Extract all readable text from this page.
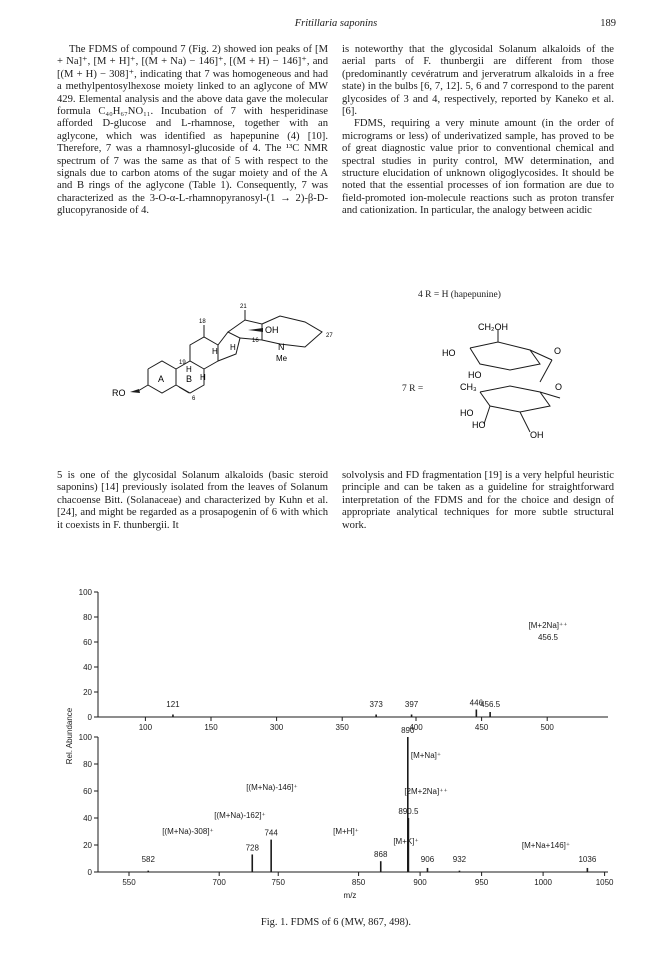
Fritillaria saponins	189

The FDMS of compound 7 (Fig. 2) showed ion peaks of [M + Na]⁺, [M + H]⁺, [(M + Na) − 146]⁺, [(M + H) − 146]⁺, and [(M + H) − 308]⁺, indicating that 7 was homogeneous and had a methylpentosylhexose moiety linked to an aglycone of MW 429. Elemental analysis and the above data gave the molecular formula C₄₀H₆₇NO₁₁. Incubation of 7 with hesperidinase afforded D-glucose and L-rhamnose, together with an aglycone, which was identified as hapepunine (4) [10]. Therefore, 7 was a rhamnosyl-glucoside of 4. The ¹³C NMR spectrum of 7 was the same as that of 5 with respect to the signals due to carbon atoms of the sugar moiety and of the A and B rings of the aglycone (Table 1). Consequently, 7 was characterized as the 3-O-α-L-rhamnopyranosyl-(1 → 2)-β-D-glucopyranoside of 4.

is noteworthy that the glycosidal Solanum alkaloids of the aerial parts of F. thunbergii are different from those (predominantly cevératrum and jerveratrum alkaloids in a free state) in the bulbs [6, 7, 12]. 5, 6 and 7 correspond to the parent glycosides of 3 and 4, respectively, reported by Kaneko et al. [6].

FDMS, requiring a very minute amount (in the order of micrograms or less) of underivatized sample, has proved to be of great diagnostic value prior to conventional chemical and spectral studies in purity control, MW determination, and structure elucidation of unknown oligoglycosides. It should be noted that the essential processes of ion formation are due to field-promoted ion-molecule reactions such as proton transfer and cationization. In particular, the analogy between acidic

RO
OH
N
Me
A B
H
H
H
H
21
18
19
27
16
6
4 R = H (hapepunine)
7 R =
CH₂OH
HO
HO
CH₃
HO
HO
OH
O
O

5 is one of the glycosidal Solanum alkaloids (basic steroid saponins) [14] previously isolated from the leaves of Solanum chacoense Bitt. (Solanaceae) and characterized by Kuhn et al. [24], and might be regarded as a prosapogenin of 6 with which it coexists in F. thunbergii. It

solvolysis and FD fragmentation [19] is a very helpful heuristic principle and can be taken as a guideline for straightforward interpretation of the FDMS and for the choice and design of appropriate analytical techniques for more subtle structural work.

0
20
40
60
80
100
100	150	300	350	400	450	500
121	373	397	446
456.5
0
20
40
60
80
100
550	700	750	850	900	950	1000	1050
582
728
744
868
890
890.5
906 932	1036
[M+2Na]⁺⁺
456.5
[M+Na]⁺
[(M+Na)-146]⁺
[(M+Na)-162]⁺
[(M+Na)-308]⁺	[M+H]⁺
[M+K]⁺
[2M+2Na]⁺⁺
[M+Na+146]⁺
Rel. Abundance
m/z
Fig. 1. FDMS of 6 (MW, 867, 498).
